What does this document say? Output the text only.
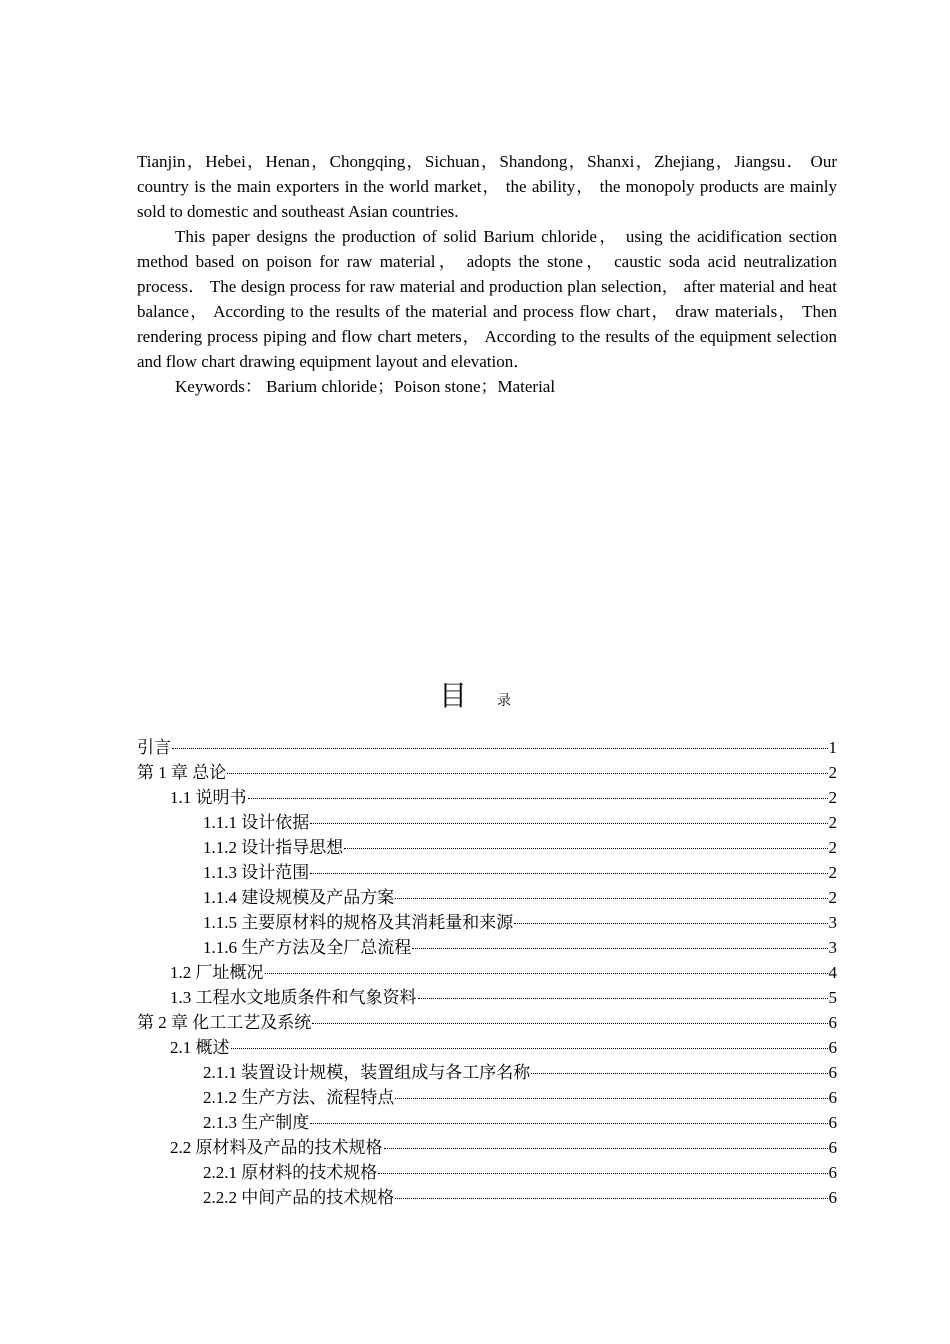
Tianjin，Hebei，Henan，Chongqing，Sichuan，Shandong，Shanxi，Zhejiang，Jiangsu． Our country is the main exporters in the world market， the ability， the monopoly products are mainly sold to domestic and southeast Asian countries.

This paper designs the production of solid Barium chloride， using the acidification section method based on poison for raw material， adopts the stone， caustic soda acid neutralization process． The design process for raw material and production plan selection， after material and heat balance， According to the results of the material and process flow chart， draw materials， Then rendering process piping and flow chart meters， According to the results of the equipment selection and flow chart drawing equipment layout and elevation．

Keywords： Barium chloride；Poison stone；Material

目 录
引言	1
第 1 章 总论	2
1.1 说明书	2
1.1.1 设计依据	2
1.1.2 设计指导思想	2
1.1.3 设计范围	2
1.1.4 建设规模及产品方案	2
1.1.5 主要原材料的规格及其消耗量和来源	3
1.1.6 生产方法及全厂总流程	3
1.2 厂址概况	4
1.3 工程水文地质条件和气象资料	5
第 2 章 化工工艺及系统	6
2.1 概述	6
2.1.1 装置设计规模，装置组成与各工序名称	6
2.1.2 生产方法、流程特点	6
2.1.3 生产制度	6
2.2 原材料及产品的技术规格	6
2.2.1 原材料的技术规格	6
2.2.2 中间产品的技术规格	6
